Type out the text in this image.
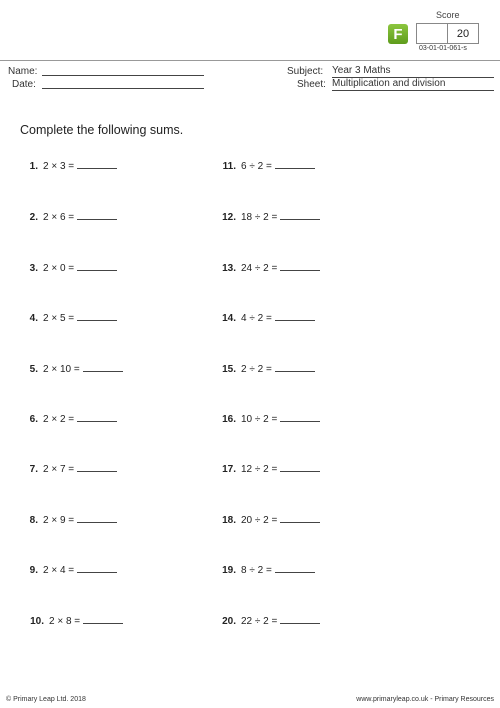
F
Score
20
03-01-01-061-s
Name:
Date:
Subject: Year 3 Maths
Sheet: Multiplication and division
Complete the following sums.
1. 2 × 3 =
2. 2 × 6 =
3. 2 × 0 =
4. 2 × 5 =
5. 2 × 10 =
6. 2 × 2 =
7. 2 × 7 =
8. 2 × 9 =
9. 2 × 4 =
10. 2 × 8 =
11. 6 ÷ 2 =
12. 18 ÷ 2 =
13. 24 ÷ 2 =
14. 4 ÷ 2 =
15. 2 ÷ 2 =
16. 10 ÷ 2 =
17. 12 ÷ 2 =
18. 20 ÷ 2 =
19. 8 ÷ 2 =
20. 22 ÷ 2 =
© Primary Leap Ltd. 2018	www.primaryleap.co.uk - Primary Resources
